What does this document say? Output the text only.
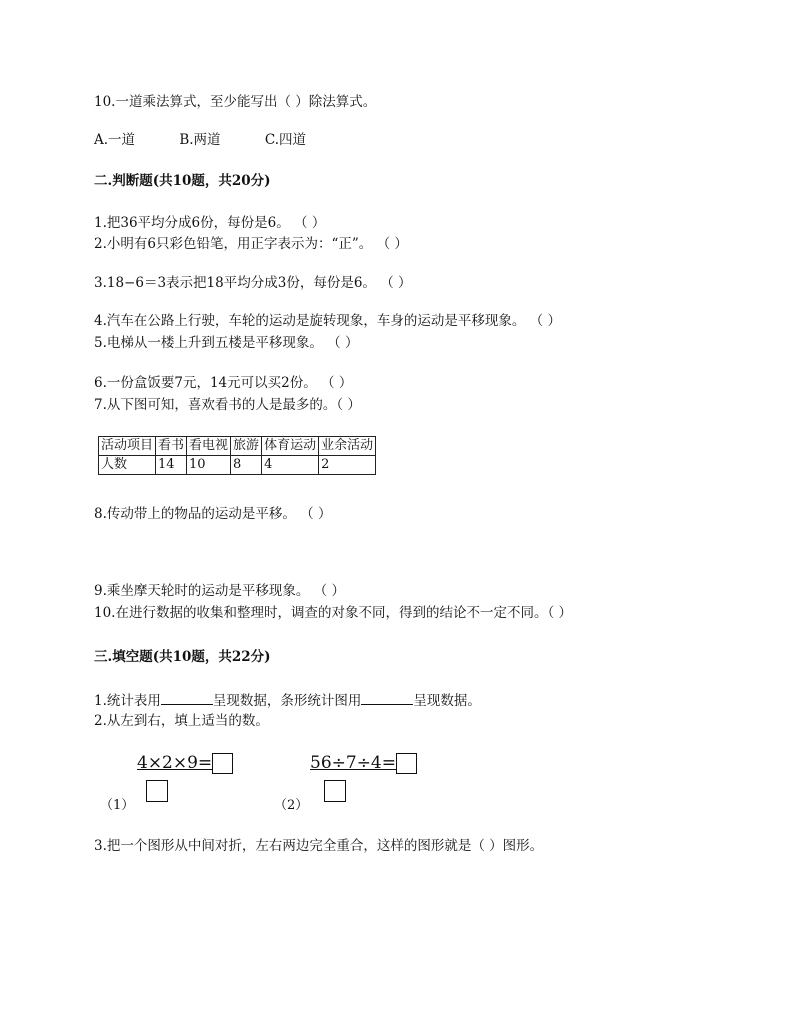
10.一道乘法算式，至少能写出（ ）除法算式。
A.一道	B.两道	C.四道
二.判断题(共10题，共20分)
1.把36平均分成6份，每份是6。 （ ）
2.小明有6只彩色铅笔，用正字表示为：“正”。 （ ）
3.18−6＝3表示把18平均分成3份，每份是6。 （ ）
4.汽车在公路上行驶，车轮的运动是旋转现象，车身的运动是平移现象。 （ ）
5.电梯从一楼上升到五楼是平移现象。 （ ）
6.一份盒饭要7元，14元可以买2份。 （ ）
7.从下图可知，喜欢看书的人是最多的。（ ）
活动项目	看书	看电视	旅游	体育运动	业余活动
人数	14	10	8	4	2
8.传动带上的物品的运动是平移。 （ ）
9.乘坐摩天轮时的运动是平移现象。 （ ）
10.在进行数据的收集和整理时，调查的对象不同，得到的结论不一定不同。（ ）
三.填空题(共10题，共22分)
1.统计表用	呈现数据，条形统计图用	呈现数据。
2.从左到右，填上适当的数。
4×2×9=
（1）
56÷7÷4=
（2）
3.把一个图形从中间对折，左右两边完全重合，这样的图形就是（ ）图形。
